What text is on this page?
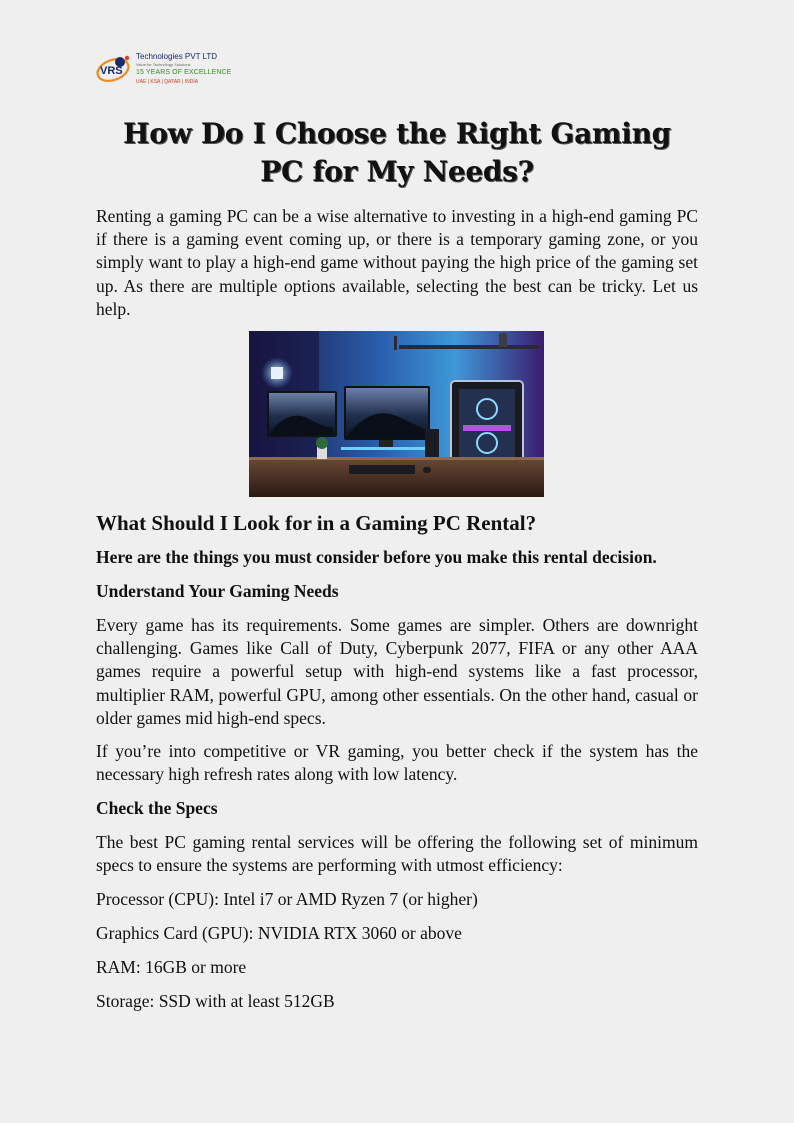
VRS
Technologies PVT LTD
Value for Technology Solutions
15 YEARS OF EXCELLENCE
UAE | KSA | QATAR | INDIA
How Do I Choose the Right Gaming
PC for My Needs?
Renting a gaming PC can be a wise alternative to investing in a high-end gaming PC if there is a gaming event coming up, or there is a temporary gaming zone, or you simply want to play a high-end game without paying the high price of the gaming set up. As there are multiple options available, selecting the best can be tricky. Let us help.
What Should I Look for in a Gaming PC Rental?
Here are the things you must consider before you make this rental decision.
Understand Your Gaming Needs
Every game has its requirements. Some games are simpler. Others are downright challenging. Games like Call of Duty, Cyberpunk 2077, FIFA or any other AAA games require a powerful setup with high-end systems like a fast processor, multiplier RAM, powerful GPU, among other essentials. On the other hand, casual or older games mid high-end specs.
If you’re into competitive or VR gaming, you better check if the system has the necessary high refresh rates along with low latency.
Check the Specs
The best PC gaming rental services will be offering the following set of minimum specs to ensure the systems are performing with utmost efficiency:
Processor (CPU): Intel i7 or AMD Ryzen 7 (or higher)
Graphics Card (GPU): NVIDIA RTX 3060 or above
RAM: 16GB or more
Storage: SSD with at least 512GB
